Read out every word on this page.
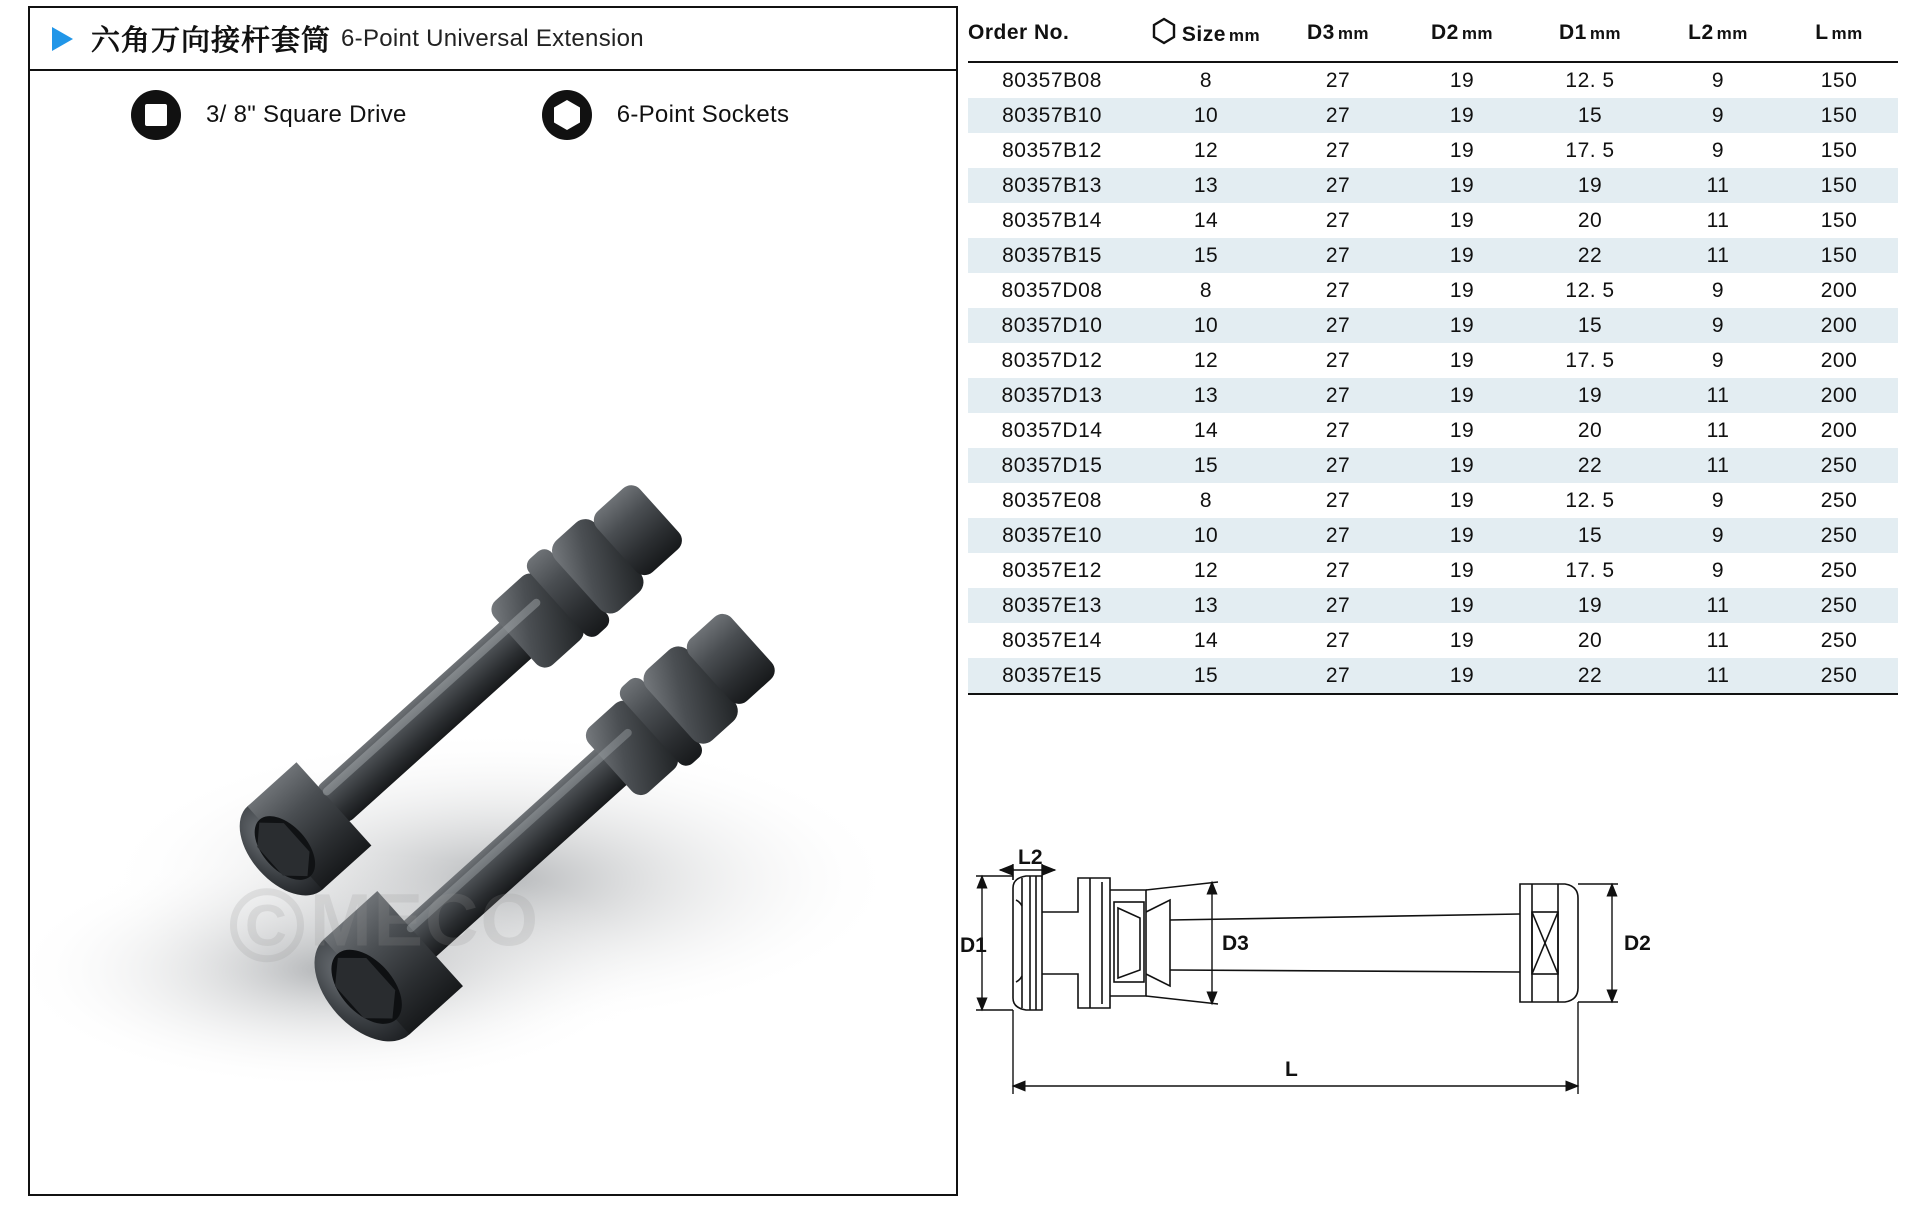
六角万向接杆套筒 6-Point Universal Extension
3/ 8" Square Drive	6-Point Sockets
C MECO
Order No.	Size mm	D3 mm	D2 mm	D1 mm	L2 mm	L mm
80357B08	8	27	19	12. 5	9	150
80357B10	10	27	19	15	9	150
80357B12	12	27	19	17. 5	9	150
80357B13	13	27	19	19	11	150
80357B14	14	27	19	20	11	150
80357B15	15	27	19	22	11	150
80357D08	8	27	19	12. 5	9	200
80357D10	10	27	19	15	9	200
80357D12	12	27	19	17. 5	9	200
80357D13	13	27	19	19	11	200
80357D14	14	27	19	20	11	200
80357D15	15	27	19	22	11	250
80357E08	8	27	19	12. 5	9	250
80357E10	10	27	19	15	9	250
80357E12	12	27	19	17. 5	9	250
80357E13	13	27	19	19	11	250
80357E14	14	27	19	20	11	250
80357E15	15	27	19	22	11	250
L2
D1	D3	D2
L
